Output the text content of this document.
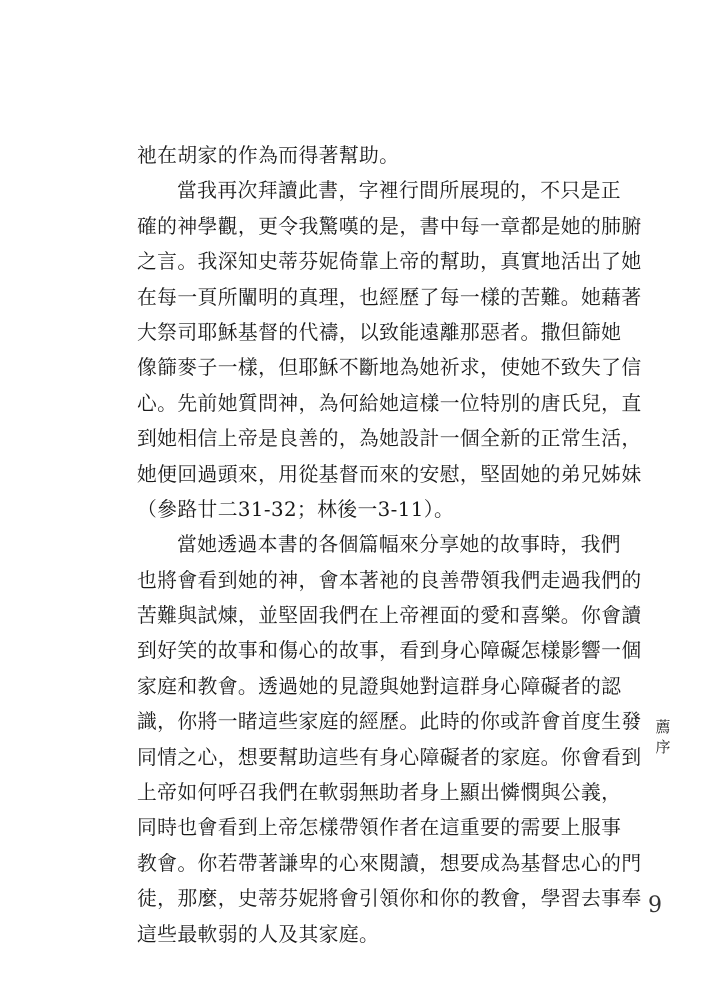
祂在胡家的作為而得著幫助。
當我再次拜讀此書，字裡行間所展現的，不只是正
確的神學觀，更令我驚嘆的是，書中每一章都是她的肺腑
之言。我深知史蒂芬妮倚靠上帝的幫助，真實地活出了她
在每一頁所闡明的真理，也經歷了每一樣的苦難。她藉著
大祭司耶穌基督的代禱，以致能遠離那惡者。撒但篩她
像篩麥子一樣，但耶穌不斷地為她祈求，使她不致失了信
心。先前她質問神，為何給她這樣一位特別的唐氏兒，直
到她相信上帝是良善的，為她設計一個全新的正常生活，
她便回過頭來，用從基督而來的安慰，堅固她的弟兄姊妹
（參路廿二31-32；林後一3-11）。
當她透過本書的各個篇幅來分享她的故事時，我們
也將會看到她的神，會本著祂的良善帶領我們走過我們的
苦難與試煉，並堅固我們在上帝裡面的愛和喜樂。你會讀
到好笑的故事和傷心的故事，看到身心障礙怎樣影響一個
家庭和教會。透過她的見證與她對這群身心障礙者的認
識，你將一睹這些家庭的經歷。此時的你或許會首度生發
同情之心，想要幫助這些有身心障礙者的家庭。你會看到
上帝如何呼召我們在軟弱無助者身上顯出憐憫與公義，
同時也會看到上帝怎樣帶領作者在這重要的需要上服事
教會。你若帶著謙卑的心來閱讀，想要成為基督忠心的門
徒，那麼，史蒂芬妮將會引領你和你的教會，學習去事奉
這些最軟弱的人及其家庭。
薦序
9
